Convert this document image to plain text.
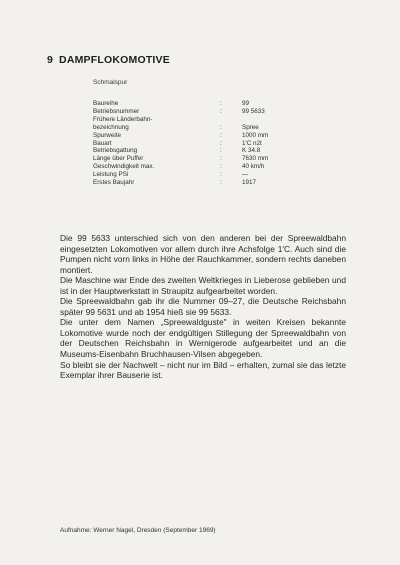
9 DAMPFLOKOMOTIVE
Schmalspur
Baureihe	:	99
Betriebsnummer	:	99 5633
Frühere Länderbahn-
bezeichnung	:	Spree
Spurweite	:	1000 mm
Bauart	:	1'C n2t
Betriebsgattung	:	K 34.8
Länge über Puffer	:	7630 mm
Geschwindigkeit max.	:	40 km/h
Leistung PSi	:	—
Erstes Baujahr	:	1917

Die 99 5633 unterschied sich von den anderen bei der Spreewaldbahn eingesetzten Lokomotiven vor allem durch ihre Achsfolge 1'C. Auch sind die Pumpen nicht vorn links in Höhe der Rauchkammer, sondern rechts daneben montiert.

Die Maschine war Ende des zweiten Weltkrieges in Lieberose geblieben und ist in der Hauptwerkstatt in Straupitz aufgearbeitet worden.

Die Spreewaldbahn gab ihr die Nummer 09–27, die Deutsche Reichsbahn später 99 5631 und ab 1954 hieß sie 99 5633.

Die unter dem Namen „Spreewaldguste" in weiten Kreisen bekannte Lokomotive wurde noch der endgültigen Stillegung der Spreewaldbahn von der Deutschen Reichsbahn in Wernigerode aufgearbeitet und an die Museums-Eisenbahn Bruchhausen-Vilsen abgegeben.

So bleibt sie der Nachwelt – nicht nur im Bild – erhalten, zumal sie das letzte Exemplar ihrer Bauserie ist.

Aufnahme: Werner Nagel, Dresden (September 1969)
